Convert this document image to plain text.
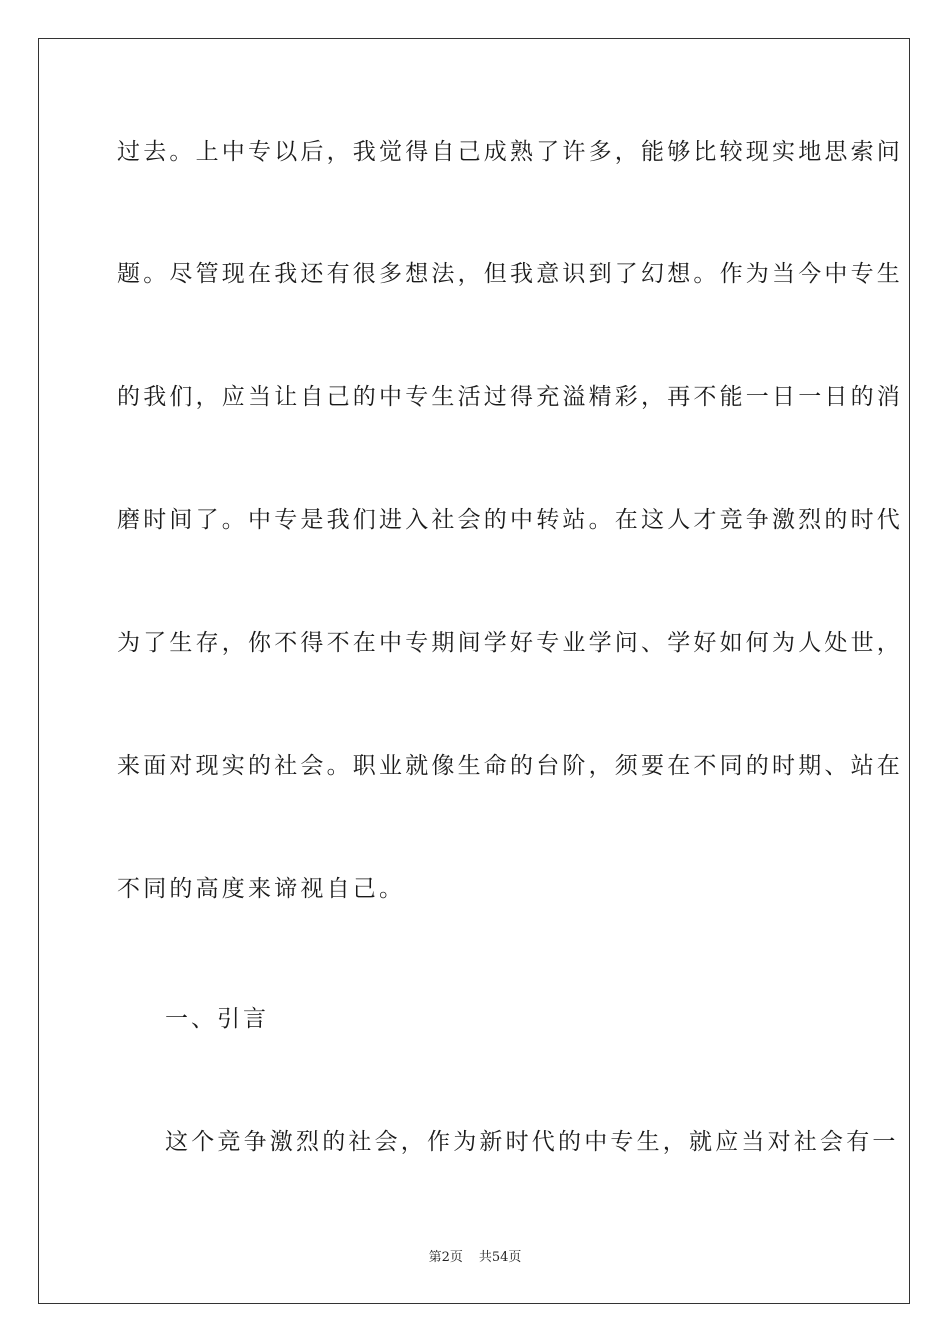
过去。上中专以后，我觉得自己成熟了许多，能够比较现实地思索问
题。尽管现在我还有很多想法，但我意识到了幻想。作为当今中专生
的我们，应当让自己的中专生活过得充溢精彩，再不能一日一日的消
磨时间了。中专是我们进入社会的中转站。在这人才竞争激烈的时代
为了生存，你不得不在中专期间学好专业学问、学好如何为人处世，
来面对现实的社会。职业就像生命的台阶，须要在不同的时期、站在
不同的高度来谛视自己。
一、引言
这个竞争激烈的社会，作为新时代的中专生，就应当对社会有一
第2页 共54页
